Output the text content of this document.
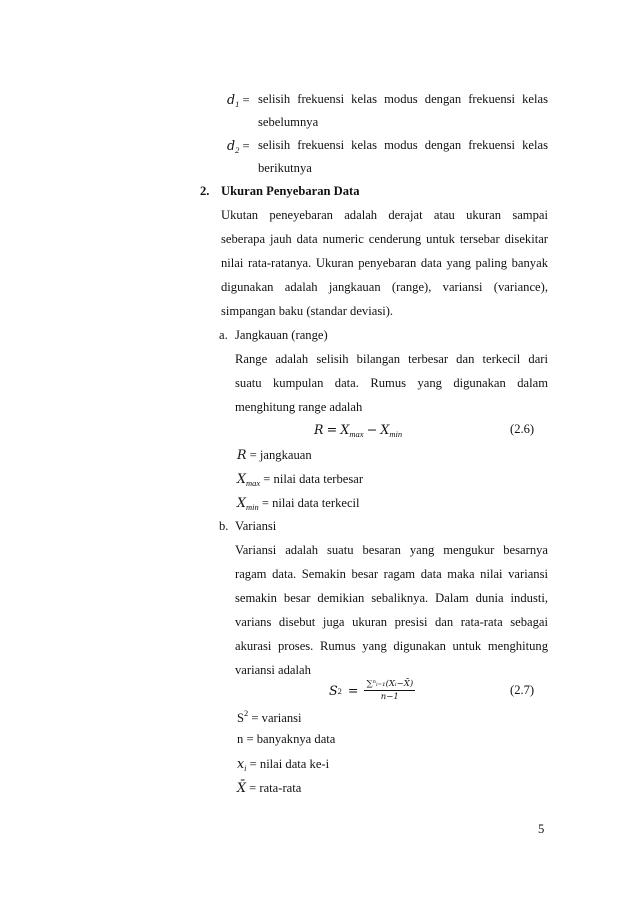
$d_1$ = selisih frekuensi kelas modus dengan frekuensi kelas
sebelumnya
$d_2$ = selisih frekuensi kelas modus dengan frekuensi kelas
berikutnya
2. Ukuran Penyebaran Data
Ukutan peneyebaran adalah derajat atau ukuran sampai
seberapa jauh data numeric cenderung untuk tersebar disekitar
nilai rata-ratanya. Ukuran penyebaran data yang paling banyak
digunakan adalah jangkauan (range), variansi (variance),
simpangan baku (standar deviasi).
a. Jangkauan (range)
Range adalah selisih bilangan terbesar dan terkecil dari
suatu kumpulan data. Rumus yang digunakan dalam
menghitung range adalah
$R = X_{max} - X_{min}$	(2.6)
R = jangkauan
$X_{max}$ = nilai data terbesar
$X_{min}$ = nilai data terkecil
b. Variansi
Variansi adalah suatu besaran yang mengukur besarnya
ragam data. Semakin besar ragam data maka nilai variansi
semakin besar demikian sebaliknya. Dalam dunia industi,
varians disebut juga ukuran presisi dan rata-rata sebagai
akurasi proses. Rumus yang digunakan untuk menghitung
variansi adalah
S $2 = \frac{\text{∑ⁿᵢ₌₁(Xᵢ−X̄)}}{n-1}$	(2.7)
$S^2$ = variansi
n = banyaknya data
$x_i$ = nilai data ke-i
X̄ = rata-rata
5
